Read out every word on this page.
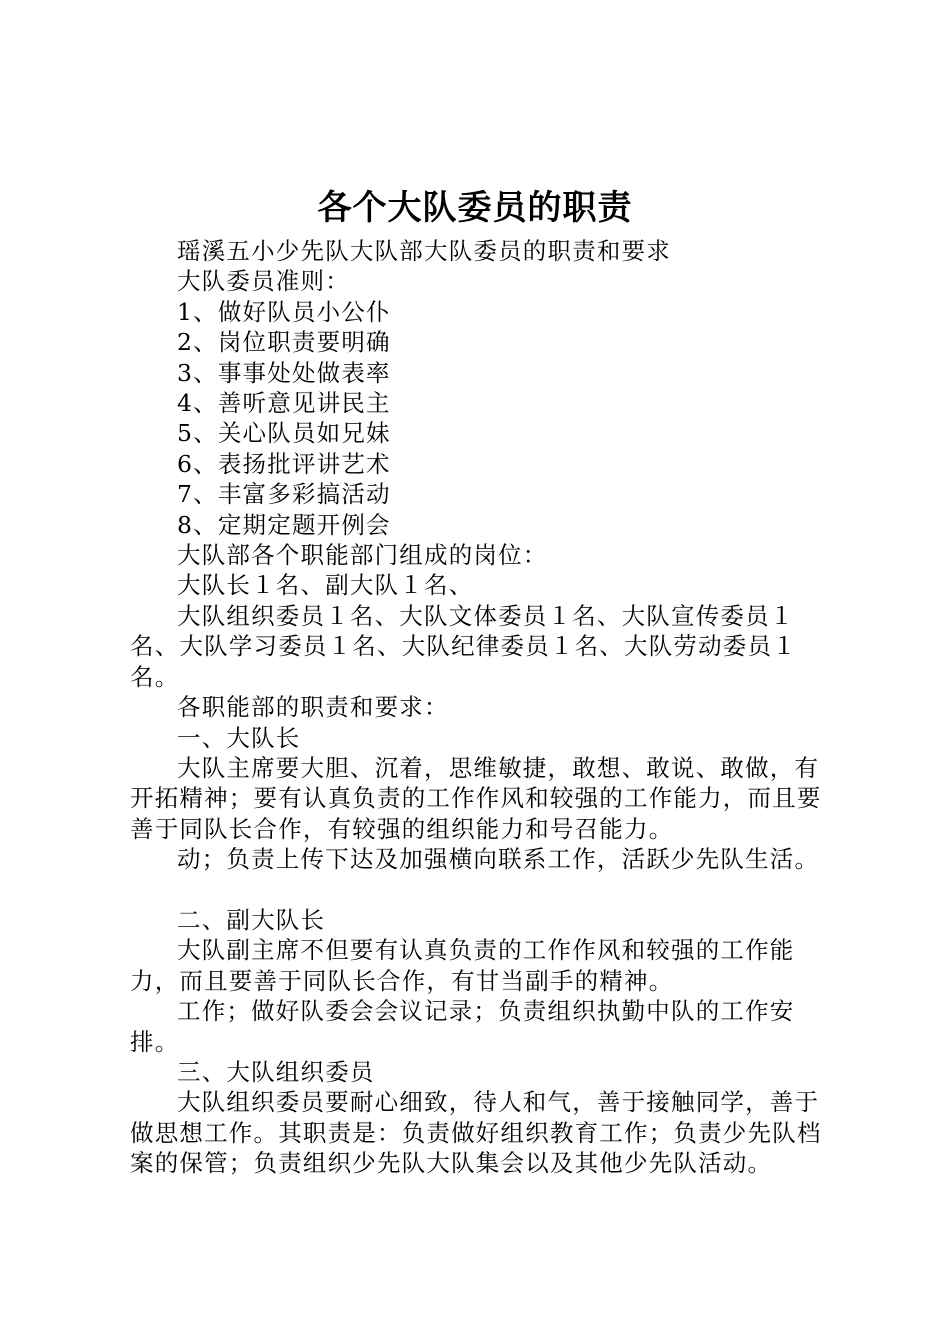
各个大队委员的职责

瑶溪五小少先队大队部大队委员的职责和要求

大队委员准则：

1、做好队员小公仆

2、岗位职责要明确

3、事事处处做表率

4、善听意见讲民主

5、关心队员如兄妹

6、表扬批评讲艺术

7、丰富多彩搞活动

8、定期定题开例会

大队部各个职能部门组成的岗位：

大队长１名、副大队１名、

大队组织委员１名、大队文体委员１名、大队宣传委员１名、大队学习委员１名、大队纪律委员１名、大队劳动委员１名。

各职能部的职责和要求：

一、大队长

大队主席要大胆、沉着，思维敏捷，敢想、敢说、敢做，有开拓精神；要有认真负责的工作作风和较强的工作能力，而且要善于同队长合作，有较强的组织能力和号召能力。

动；负责上传下达及加强横向联系工作，活跃少先队生活。

二、副大队长

大队副主席不但要有认真负责的工作作风和较强的工作能力，而且要善于同队长合作，有甘当副手的精神。

工作；做好队委会会议记录；负责组织执勤中队的工作安排。

三、大队组织委员

大队组织委员要耐心细致，待人和气，善于接触同学，善于做思想工作。其职责是：负责做好组织教育工作；负责少先队档案的保管；负责组织少先队大队集会以及其他少先队活动。
